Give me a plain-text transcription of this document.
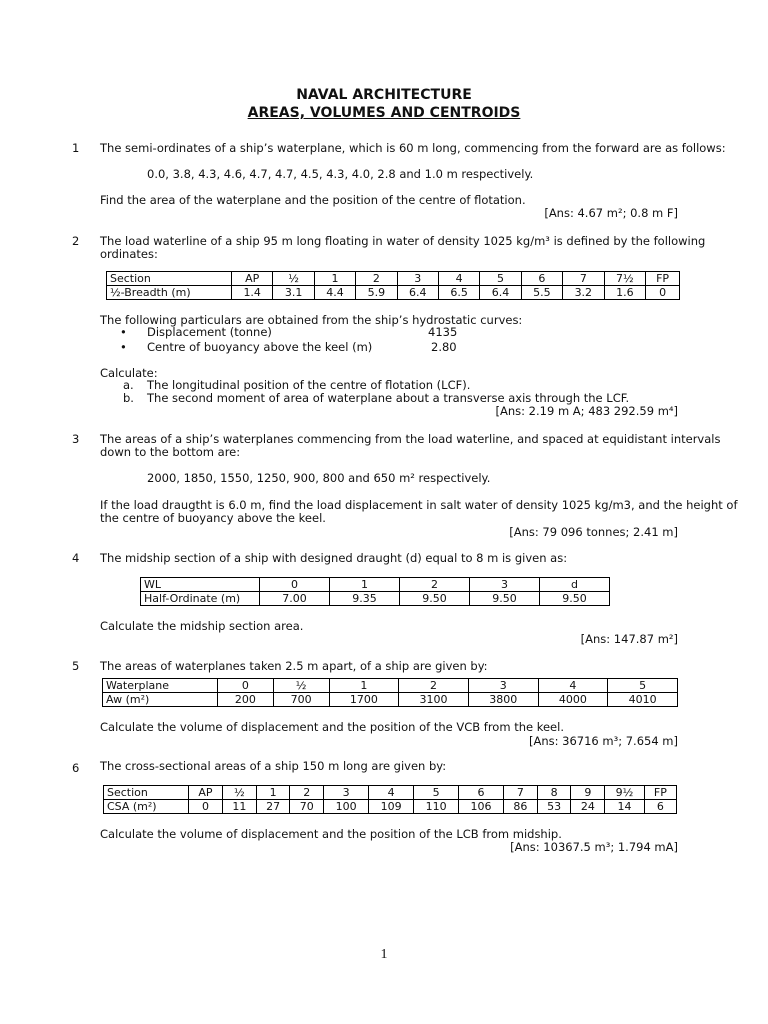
NAVAL ARCHITECTURE
AREAS, VOLUMES AND CENTROIDS
1 The semi-ordinates of a ship’s waterplane, which is 60 m long, commencing from the forward are as follows:
0.0, 3.8, 4.3, 4.6, 4.7, 4.7, 4.5, 4.3, 4.0, 2.8 and 1.0 m respectively.
Find the area of the waterplane and the position of the centre of flotation.
[Ans: 4.67 m²; 0.8 m F]
2 The load waterline of a ship 95 m long floating in water of density 1025 kg/m³ is defined by the following
ordinates:
Section	AP	½	1	2	3	4	5	6	7	7½	FP
½-Breadth (m)	1.4	3.1	4.4	5.9	6.4	6.5	6.4	5.5	3.2	1.6	0
The following particulars are obtained from the ship’s hydrostatic curves:
• Displacement (tonne)	4135
• Centre of buoyancy above the keel (m)	2.80
Calculate:
a. The longitudinal position of the centre of flotation (LCF).
b. The second moment of area of waterplane about a transverse axis through the LCF.
[Ans: 2.19 m A; 483 292.59 m⁴]
3 The areas of a ship’s waterplanes commencing from the load waterline, and spaced at equidistant intervals
down to the bottom are:
2000, 1850, 1550, 1250, 900, 800 and 650 m² respectively.
If the load draugtht is 6.0 m, find the load displacement in salt water of density 1025 kg/m3, and the height of
the centre of buoyancy above the keel.
[Ans: 79 096 tonnes; 2.41 m]
4 The midship section of a ship with designed draught (d) equal to 8 m is given as:
WL	0	1	2	3	d
Half-Ordinate (m)	7.00	9.35	9.50	9.50	9.50
Calculate the midship section area.
[Ans: 147.87 m²]
5 The areas of waterplanes taken 2.5 m apart, of a ship are given by:
Waterplane	0	½	1	2	3	4	5
Aw (m²)	200	700	1700	3100	3800	4000	4010
Calculate the volume of displacement and the position of the VCB from the keel.
[Ans: 36716 m³; 7.654 m]
6 The cross-sectional areas of a ship 150 m long are given by:
Section	AP	½	1	2	3	4	5	6	7	8	9	9½	FP
CSA (m²)	0	11	27	70	100	109	110	106	86	53	24	14	6
Calculate the volume of displacement and the position of the LCB from midship.
[Ans: 10367.5 m³; 1.794 mA]
1
